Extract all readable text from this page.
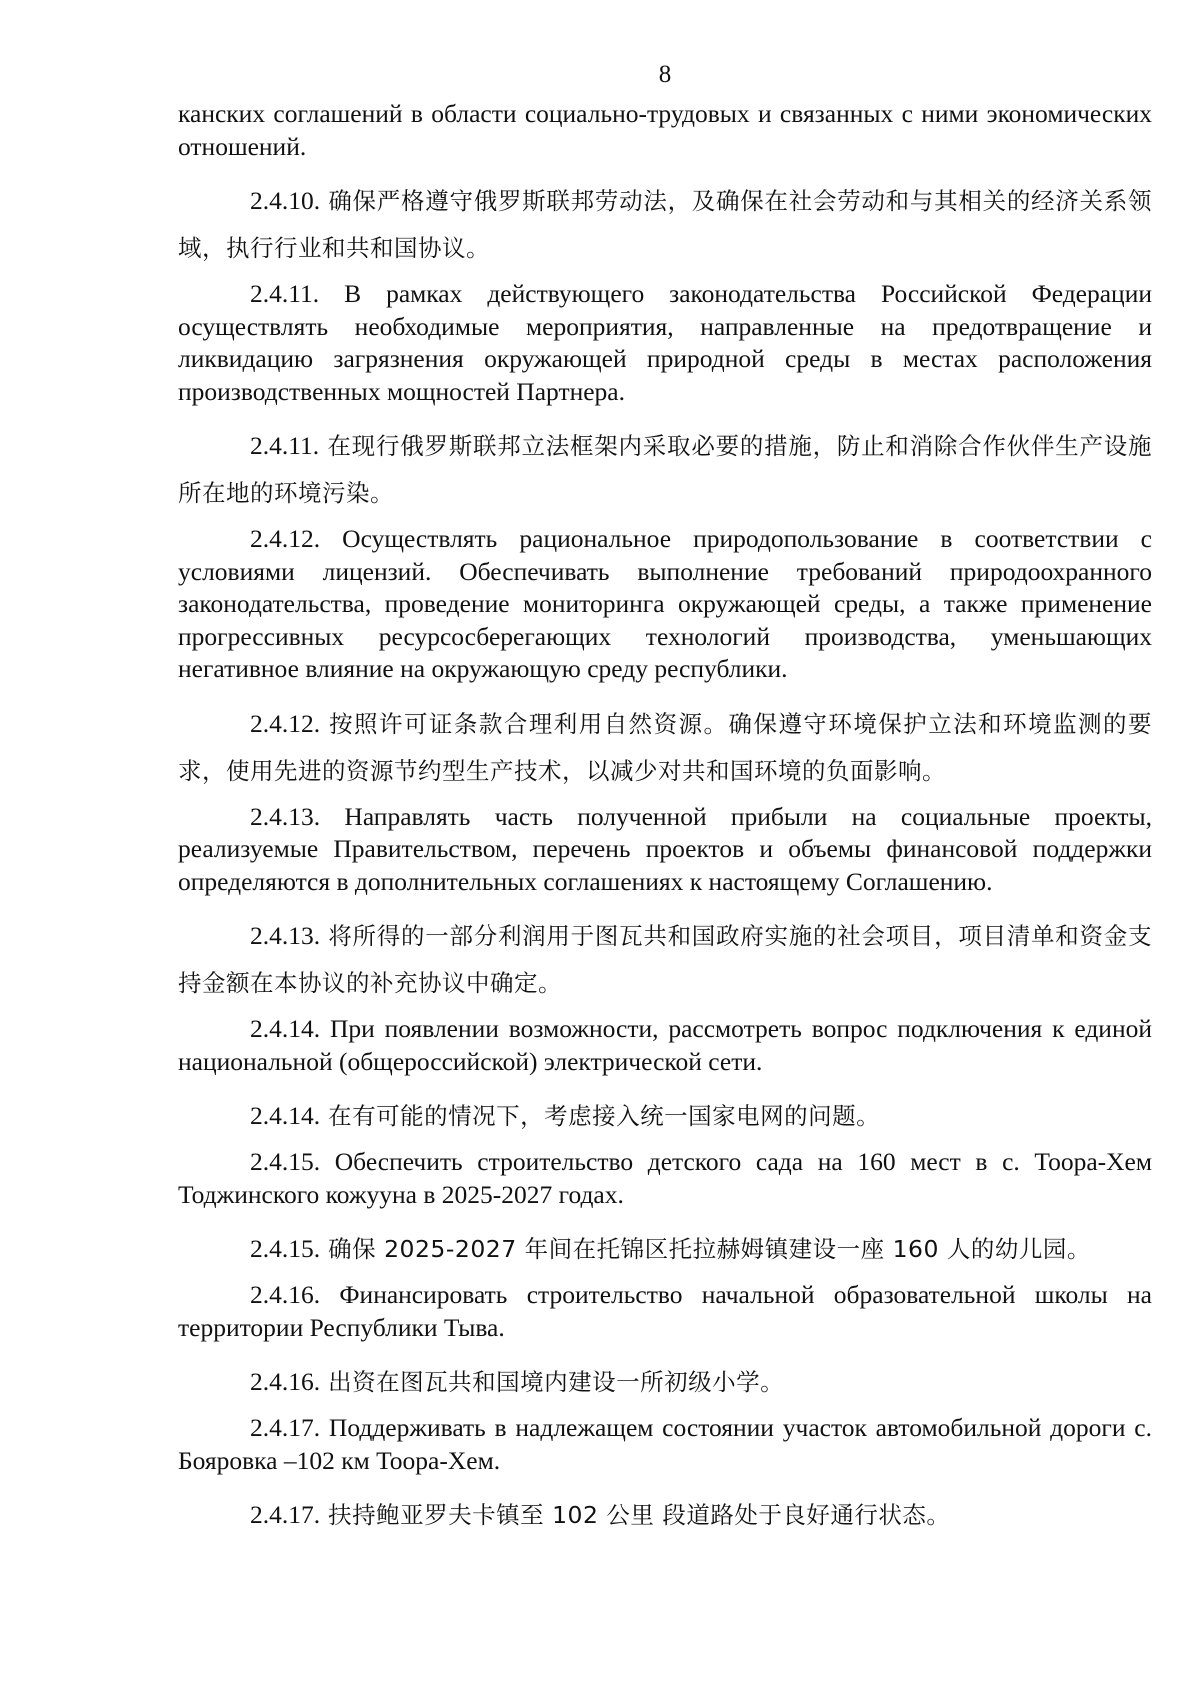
8

канских соглашений в области социально-трудовых и связанных с ними экономических отношений.

2.4.10. 确保严格遵守俄罗斯联邦劳动法，及确保在社会劳动和与其相关的经济关系领域，执行行业和共和国协议。

2.4.11. В рамках действующего законодательства Российской Федерации осуществлять необходимые мероприятия, направленные на предотвращение и ликвидацию загрязнения окружающей природной среды в местах расположения производственных мощностей Партнера.

2.4.11. 在现行俄罗斯联邦立法框架内采取必要的措施，防止和消除合作伙伴生产设施所在地的环境污染。

2.4.12. Осуществлять рациональное природопользование в соответствии с условиями лицензий. Обеспечивать выполнение требований природоохранного законодательства, проведение мониторинга окружающей среды, а также применение прогрессивных ресурсосберегающих технологий производства, уменьшающих негативное влияние на окружающую среду республики.

2.4.12. 按照许可证条款合理利用自然资源。确保遵守环境保护立法和环境监测的要求，使用先进的资源节约型生产技术，以减少对共和国环境的负面影响。

2.4.13. Направлять часть полученной прибыли на социальные проекты, реализуемые Правительством, перечень проектов и объемы финансовой поддержки определяются в дополнительных соглашениях к настоящему Соглашению.

2.4.13. 将所得的一部分利润用于图瓦共和国政府实施的社会项目，项目清单和资金支持金额在本协议的补充协议中确定。

2.4.14. При появлении возможности, рассмотреть вопрос подключения к единой национальной (общероссийской) электрической сети.

2.4.14. 在有可能的情况下，考虑接入统一国家电网的问题。

2.4.15. Обеспечить строительство детского сада на 160 мест в с. Тоора-Хем Тоджинского кожууна в 2025-2027 годах.

2.4.15. 确保 2025-2027 年间在托锦区托拉赫姆镇建设一座 160 人的幼儿园。

2.4.16. Финансировать строительство начальной образовательной школы на территории Республики Тыва.

2.4.16. 出资在图瓦共和国境内建设一所初级小学。

2.4.17. Поддерживать в надлежащем состоянии участок автомобильной дороги с. Бояровка –102 км Тоора-Хем.

2.4.17. 扶持鲍亚罗夫卡镇至 102 公里 段道路处于良好通行状态。
